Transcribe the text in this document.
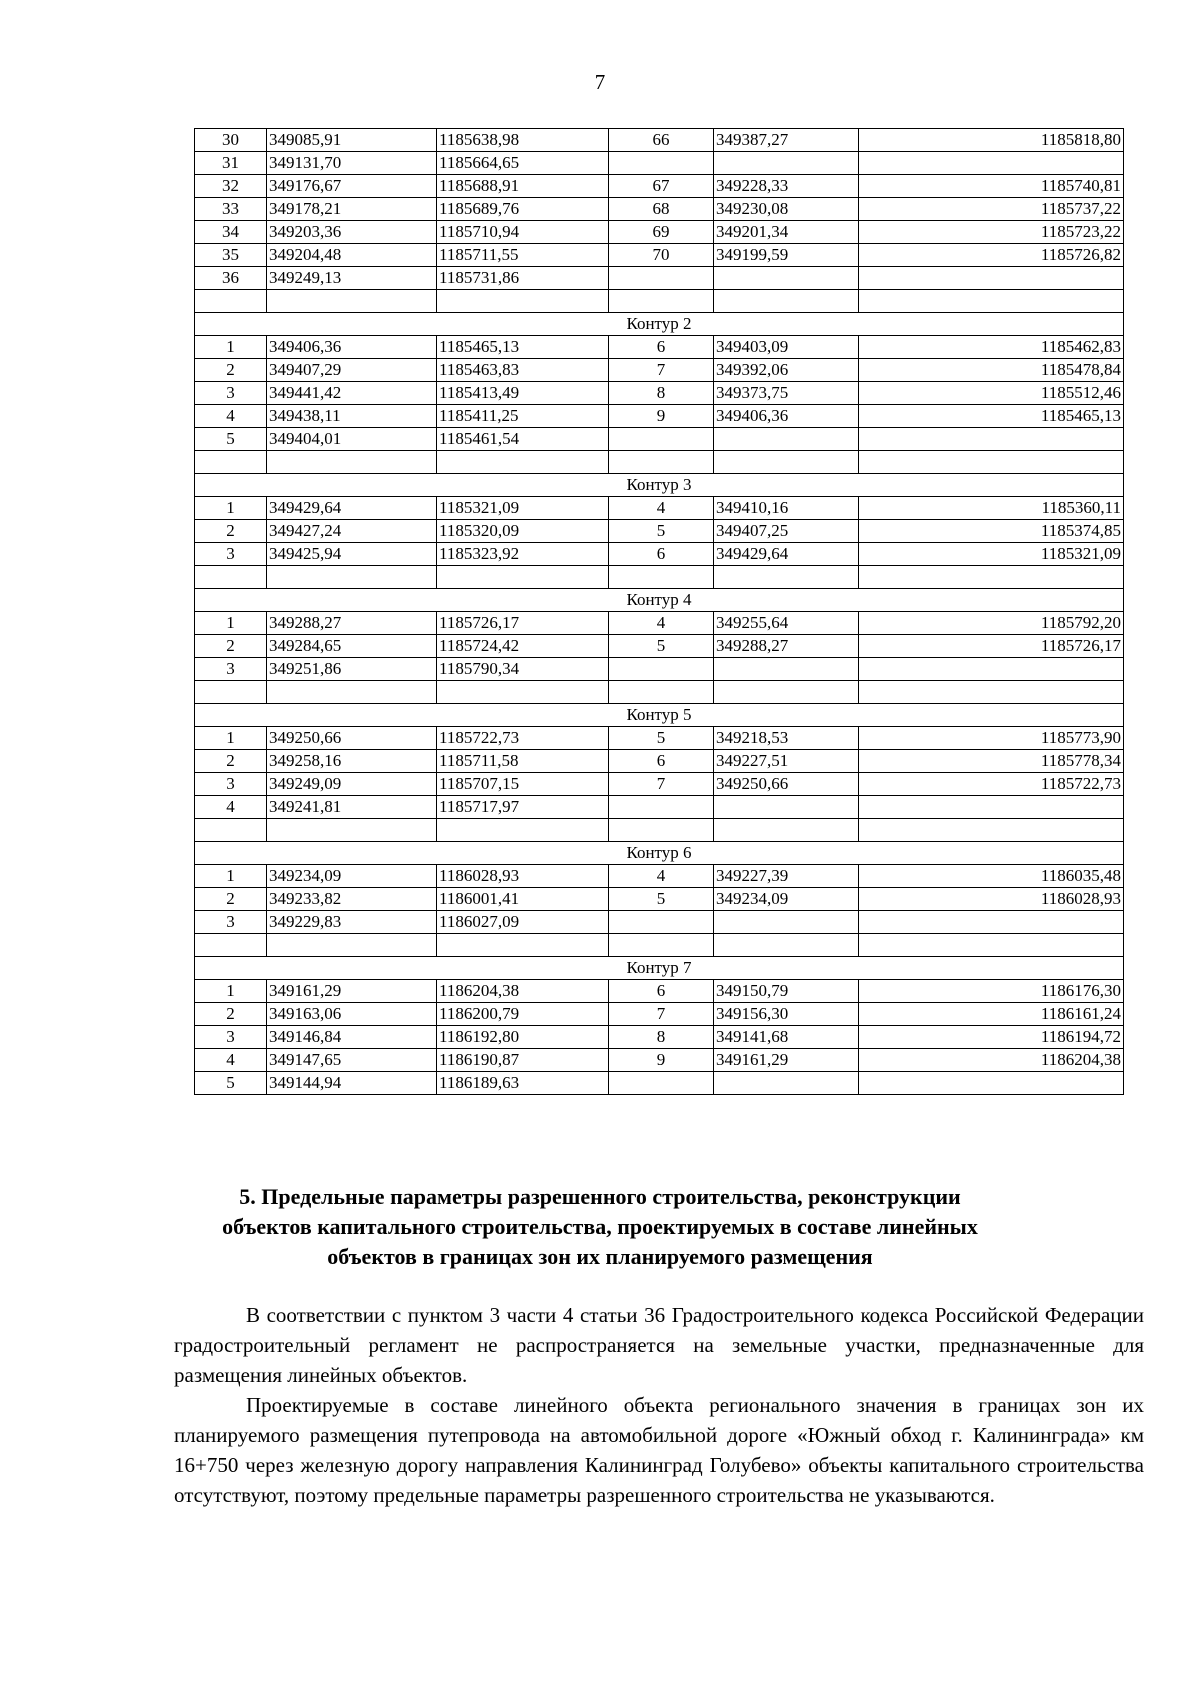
7
30	349085,91	1185638,98	66	349387,27	1185818,80
31	349131,70	1185664,65			
32	349176,67	1185688,91	67	349228,33	1185740,81
33	349178,21	1185689,76	68	349230,08	1185737,22
34	349203,36	1185710,94	69	349201,34	1185723,22
35	349204,48	1185711,55	70	349199,59	1185726,82
36	349249,13	1185731,86			

Контур 2					
1	349406,36	1185465,13	6	349403,09	1185462,83
2	349407,29	1185463,83	7	349392,06	1185478,84
3	349441,42	1185413,49	8	349373,75	1185512,46
4	349438,11	1185411,25	9	349406,36	1185465,13
5	349404,01	1185461,54			

Контур 3					
1	349429,64	1185321,09	4	349410,16	1185360,11
2	349427,24	1185320,09	5	349407,25	1185374,85
3	349425,94	1185323,92	6	349429,64	1185321,09

Контур 4					
1	349288,27	1185726,17	4	349255,64	1185792,20
2	349284,65	1185724,42	5	349288,27	1185726,17
3	349251,86	1185790,34			

Контур 5					
1	349250,66	1185722,73	5	349218,53	1185773,90
2	349258,16	1185711,58	6	349227,51	1185778,34
3	349249,09	1185707,15	7	349250,66	1185722,73
4	349241,81	1185717,97			

Контур 6					
1	349234,09	1186028,93	4	349227,39	1186035,48
2	349233,82	1186001,41	5	349234,09	1186028,93
3	349229,83	1186027,09			

Контур 7					
1	349161,29	1186204,38	6	349150,79	1186176,30
2	349163,06	1186200,79	7	349156,30	1186161,24
3	349146,84	1186192,80	8	349141,68	1186194,72
4	349147,65	1186190,87	9	349161,29	1186204,38
5	349144,94	1186189,63			
5. Предельные параметры разрешенного строительства, реконструкции
объектов капитального строительства, проектируемых в составе линейных
объектов в границах зон их планируемого размещения

В соответствии с пунктом 3 части 4 статьи 36 Градостроительного кодекса Российской Федерации градостроительный регламент не распространяется на земельные участки, предназначенные для размещения линейных объектов.

Проектируемые в составе линейного объекта регионального значения в границах зон их планируемого размещения путепровода на автомобильной дороге «Южный обход г. Калининграда» км 16+750 через железную дорогу направления Калининград Голубево» объекты капитального строительства отсутствуют, поэтому предельные параметры разрешенного строительства не указываются.
